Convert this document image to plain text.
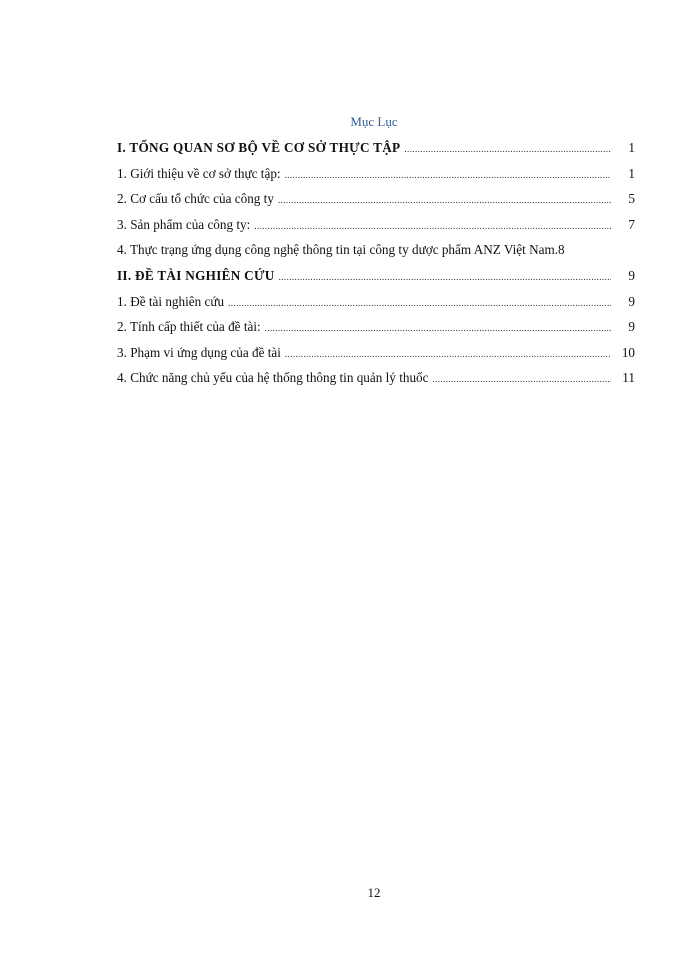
Mục Lục
I. TỔNG QUAN SƠ BỘ VỀ CƠ SỞ THỰC TẬP .....	1
1. Giới thiệu về cơ sở thực tập: .....	1
2. Cơ cấu tổ chức của công ty .....	5
3. Sản phẩm của công ty: .....	7
4. Thực trạng ứng dụng công nghệ thông tin tại công ty dược phẩm ANZ Việt Nam. 8
II. ĐỀ TÀI NGHIÊN CỨU .....	9
1. Đề tài nghiên cứu .....	9
2. Tính cấp thiết của đề tài: .....	9
3. Phạm vi ứng dụng của đề tài .....	10
4. Chức năng chủ yếu của hệ thống thông tin quản lý thuốc .....	11
12
